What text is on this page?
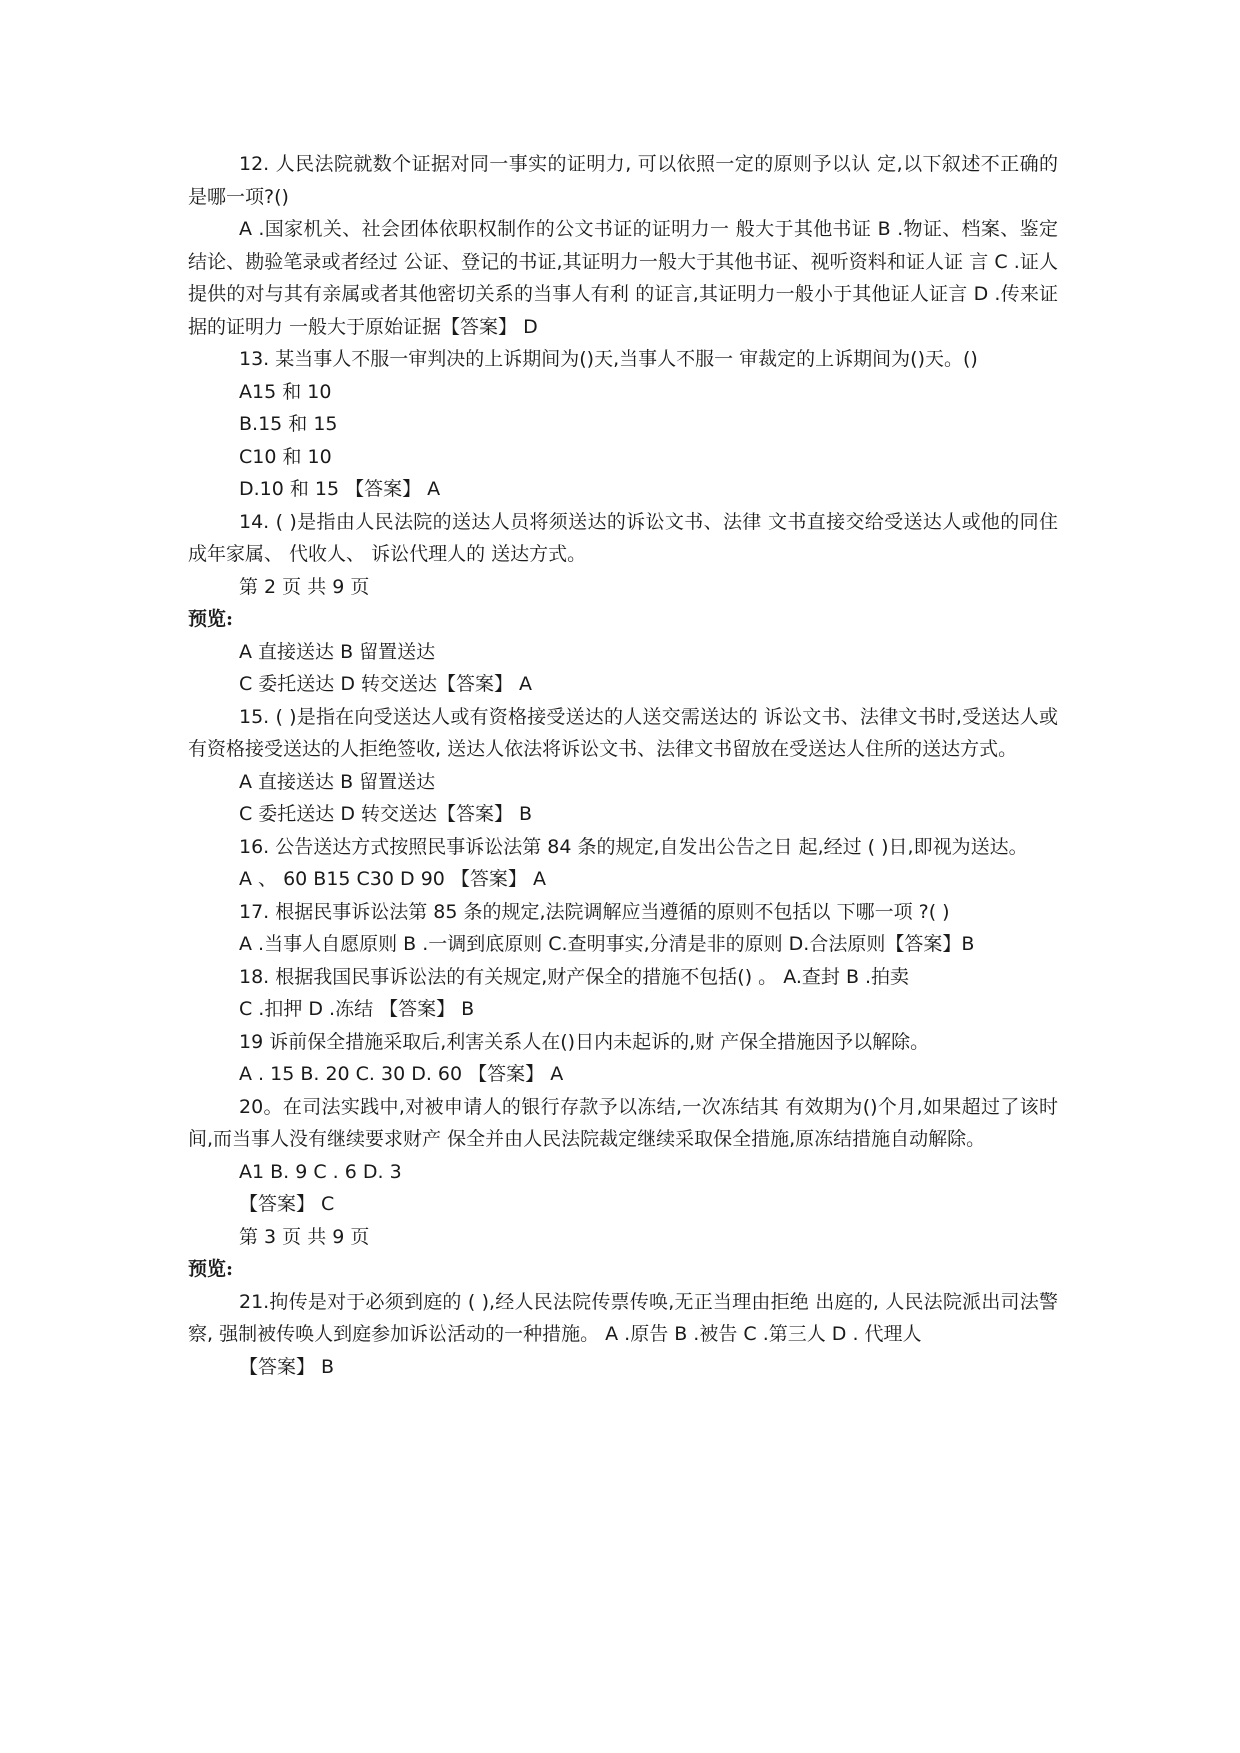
12. 人民法院就数个证据对同一事实的证明力, 可以依照一定的原则予以认 定,以下叙述不正确的是哪一项?()
A .国家机关、社会团体依职权制作的公文书证的证明力一 般大于其他书证 B .物证、档案、鉴定结论、勘验笔录或者经过 公证、登记的书证,其证明力一般大于其他书证、视听资料和证人证 言 C .证人提供的对与其有亲属或者其他密切关系的当事人有利 的证言,其证明力一般小于其他证人证言 D .传来证据的证明力 一般大于原始证据【答案】 D
13. 某当事人不服一审判决的上诉期间为()天,当事人不服一 审裁定的上诉期间为()天。()
A15 和 10
B.15 和 15
C10 和 10
D.10 和 15 【答案】 A
14. ( )是指由人民法院的送达人员将须送达的诉讼文书、法律 文书直接交给受送达人或他的同住成年家属、 代收人、 诉讼代理人的 送达方式。
第 2 页 共 9 页
预览:
A 直接送达 B 留置送达
C 委托送达 D 转交送达【答案】 A
15. ( )是指在向受送达人或有资格接受送达的人送交需送达的 诉讼文书、法律文书时,受送达人或有资格接受送达的人拒绝签收, 送达人依法将诉讼文书、法律文书留放在受送达人住所的送达方式。
A 直接送达 B 留置送达
C 委托送达 D 转交送达【答案】 B
16. 公告送达方式按照民事诉讼法第 84 条的规定,自发出公告之日 起,经过 ( )日,即视为送达。
A 、 60 B15 C30 D 90 【答案】 A
17. 根据民事诉讼法第 85 条的规定,法院调解应当遵循的原则不包括以 下哪一项 ?( )
A .当事人自愿原则 B .一调到底原则 C.查明事实,分清是非的原则 D.合法原则【答案】B
18. 根据我国民事诉讼法的有关规定,财产保全的措施不包括() 。 A.查封 B .拍卖
C .扣押 D .冻结 【答案】 B
19 诉前保全措施采取后,利害关系人在()日内未起诉的,财 产保全措施因予以解除。
A . 15 B. 20 C. 30 D. 60 【答案】 A
20。在司法实践中,对被申请人的银行存款予以冻结,一次冻结其 有效期为()个月,如果超过了该时间,而当事人没有继续要求财产 保全并由人民法院裁定继续采取保全措施,原冻结措施自动解除。
A1 B. 9 C . 6 D. 3
【答案】 C
第 3 页 共 9 页
预览:
21.拘传是对于必须到庭的 ( ),经人民法院传票传唤,无正当理由拒绝 出庭的, 人民法院派出司法警察, 强制被传唤人到庭参加诉讼活动的一种措施。 A .原告 B .被告 C .第三人 D . 代理人
【答案】 B
